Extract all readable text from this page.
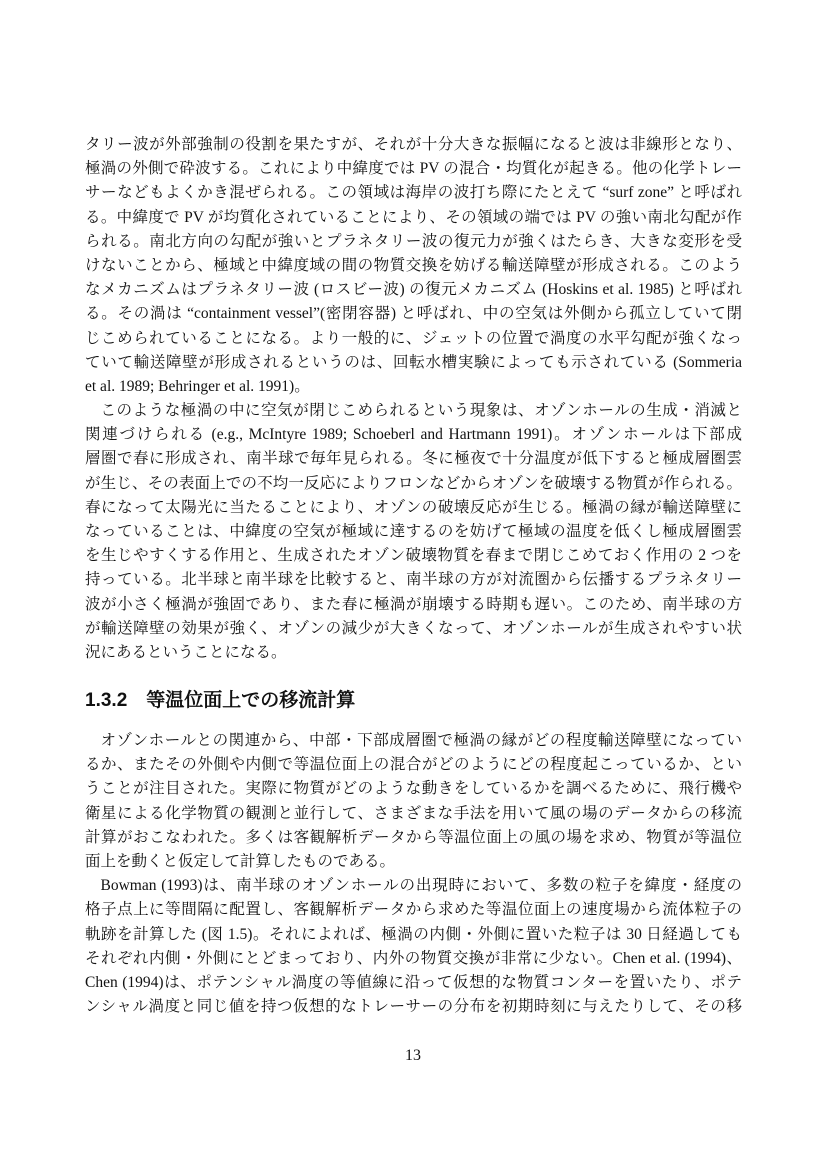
タリー波が外部強制の役割を果たすが、それが十分大きな振幅になると波は非線形となり、
極渦の外側で砕波する。これにより中緯度では PV の混合・均質化が起きる。他の化学トレー
サーなどもよくかき混ぜられる。この領域は海岸の波打ち際にたとえて “surf zone” と呼ばれ
る。中緯度で PV が均質化されていることにより、その領域の端では PV の強い南北勾配が作
られる。南北方向の勾配が強いとプラネタリー波の復元力が強くはたらき、大きな変形を受
けないことから、極域と中緯度域の間の物質交換を妨げる輸送障壁が形成される。このよう
なメカニズムはプラネタリー波 (ロスビー波) の復元メカニズム (Hoskins et al. 1985) と呼ばれ
る。その渦は “containment vessel”(密閉容器) と呼ばれ、中の空気は外側から孤立していて閉
じこめられていることになる。より一般的に、ジェットの位置で渦度の水平勾配が強くなっ
ていて輸送障壁が形成されるというのは、回転水槽実験によっても示されている (Sommeria
et al. 1989; Behringer et al. 1991)。
このような極渦の中に空気が閉じこめられるという現象は、オゾンホールの生成・消滅と
関連づけられる (e.g., McIntyre 1989; Schoeberl and Hartmann 1991)。オゾンホールは下部成
層圏で春に形成され、南半球で毎年見られる。冬に極夜で十分温度が低下すると極成層圏雲
が生じ、その表面上での不均一反応によりフロンなどからオゾンを破壊する物質が作られる。
春になって太陽光に当たることにより、オゾンの破壊反応が生じる。極渦の縁が輸送障壁に
なっていることは、中緯度の空気が極域に達するのを妨げて極域の温度を低くし極成層圏雲
を生じやすくする作用と、生成されたオゾン破壊物質を春まで閉じこめておく作用の 2 つを
持っている。北半球と南半球を比較すると、南半球の方が対流圏から伝播するプラネタリー
波が小さく極渦が強固であり、また春に極渦が崩壊する時期も遅い。このため、南半球の方
が輸送障壁の効果が強く、オゾンの減少が大きくなって、オゾンホールが生成されやすい状
況にあるということになる。
1.3.2 等温位面上での移流計算
オゾンホールとの関連から、中部・下部成層圏で極渦の縁がどの程度輸送障壁になってい
るか、またその外側や内側で等温位面上の混合がどのようにどの程度起こっているか、とい
うことが注目された。実際に物質がどのような動きをしているかを調べるために、飛行機や
衛星による化学物質の観測と並行して、さまざまな手法を用いて風の場のデータからの移流
計算がおこなわれた。多くは客観解析データから等温位面上の風の場を求め、物質が等温位
面上を動くと仮定して計算したものである。
Bowman (1993)は、南半球のオゾンホールの出現時において、多数の粒子を緯度・経度の
格子点上に等間隔に配置し、客観解析データから求めた等温位面上の速度場から流体粒子の
軌跡を計算した (図 1.5)。それによれば、極渦の内側・外側に置いた粒子は 30 日経過しても
それぞれ内側・外側にとどまっており、内外の物質交換が非常に少ない。Chen et al. (1994)、
Chen (1994)は、ポテンシャル渦度の等値線に沿って仮想的な物質コンターを置いたり、ポテ
ンシャル渦度と同じ値を持つ仮想的なトレーサーの分布を初期時刻に与えたりして、その移
13
